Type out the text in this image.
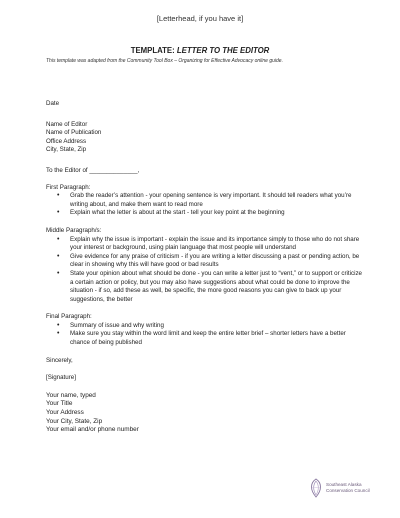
[Letterhead, if you have it]
TEMPLATE: LETTER TO THE EDITOR
This template was adapted from the Community Tool Box – Organizing for Effective Advocacy online guide.
Date
Name of Editor
Name of Publication
Office Address
City, State, Zip
To the Editor of ______________,
First Paragraph:
• Grab the reader’s attention - your opening sentence is very important. It should tell readers what you’re writing about, and make them want to read more
• Explain what the letter is about at the start - tell your key point at the beginning
Middle Paragraph/s:
• Explain why the issue is important - explain the issue and its importance simply to those who do not share your interest or background, using plain language that most people will understand
• Give evidence for any praise of criticism - if you are writing a letter discussing a past or pending action, be clear in showing why this will have good or bad results
• State your opinion about what should be done - you can write a letter just to “vent,” or to support or criticize a certain action or policy, but you may also have suggestions about what could be done to improve the situation - if so, add these as well, be specific, the more good reasons you can give to back up your suggestions, the better
Final Paragraph:
• Summary of issue and why writing
• Make sure you stay within the word limit and keep the entire letter brief – shorter letters have a better chance of being published
Sincerely,
[Signature]
Your name, typed
Your Title
Your Address
Your City, State, Zip
Your email and/or phone number
Southeast Alaska
Conservation Council
